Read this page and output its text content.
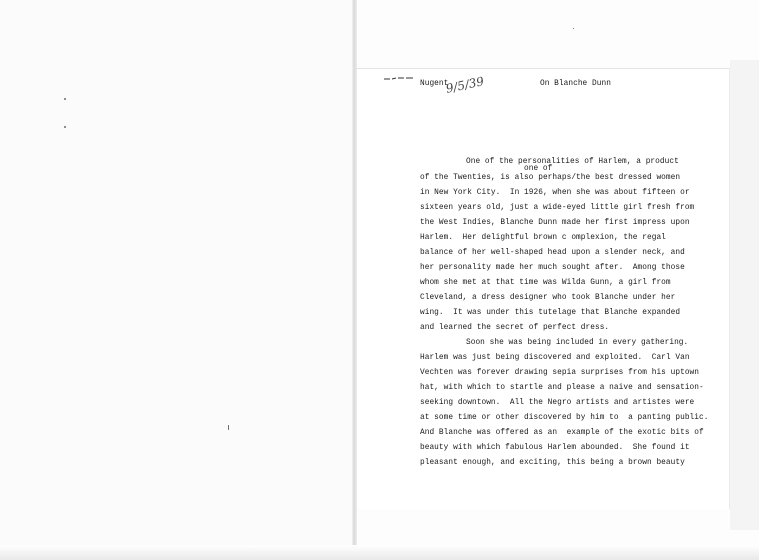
Nugent
9/5/39	On Blanche Dunn
one of
One of the personalities of Harlem, a product
of the Twenties, is also perhaps/the best dressed women
in New York City.  In 1926, when she was about fifteen or
sixteen years old, just a wide-eyed little girl fresh from
the West Indies, Blanche Dunn made her first impress upon
Harlem.  Her delightful brown c omplexion, the regal
balance of her well-shaped head upon a slender neck, and
her personality made her much sought after.  Among those
whom she met at that time was Wilda Gunn, a girl from
Cleveland, a dress designer who took Blanche under her
wing.  It was under this tutelage that Blanche expanded
and learned the secret of perfect dress.
Soon she was being included in every gathering.
Harlem was just being discovered and exploited.  Carl Van
Vechten was forever drawing sepia surprises from his uptown
hat, with which to startle and please a naive and sensation-
seeking downtown.  All the Negro artists and artistes were
at some time or other discovered by him to  a panting public.
And Blanche was offered as an  example of the exotic bits of
beauty with which fabulous Harlem abounded.  She found it
pleasant enough, and exciting, this being a brown beauty
